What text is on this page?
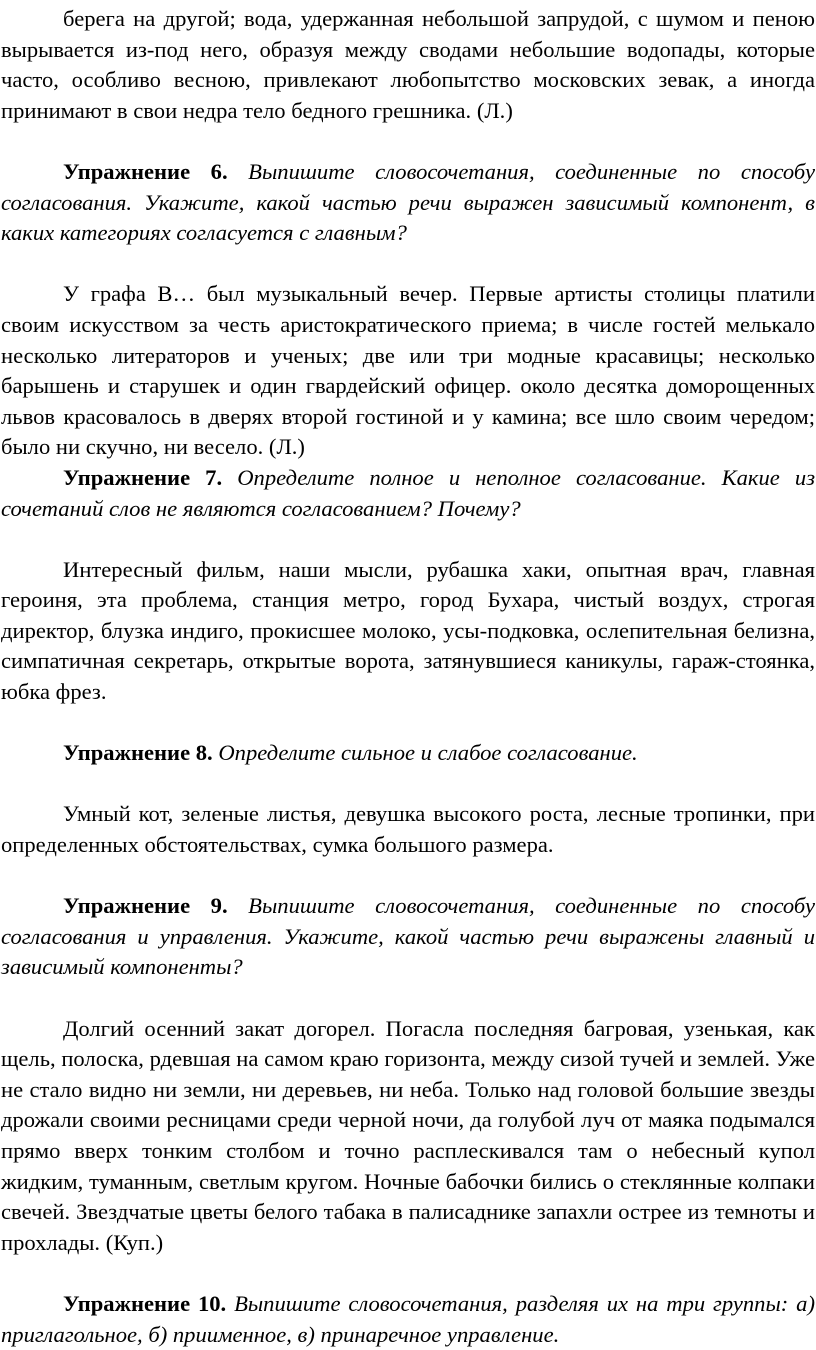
берега на другой; вода, удержанная небольшой запрудой, с шумом и пеною вырывается из-под него, образуя между сводами небольшие водопады, которые часто, особливо весною, привлекают любопытство московских зевак, а иногда принимают в свои недра тело бедного грешника. (Л.)

Упражнение 6. Выпишите словосочетания, соединенные по способу согласования. Укажите, какой частью речи выражен зависимый компонент, в каких категориях согласуется с главным?

У графа В… был музыкальный вечер. Первые артисты столицы платили своим искусством за честь аристократического приема; в числе гостей мелькало несколько литераторов и ученых; две или три модные красавицы; несколько барышень и старушек и один гвардейский офицер. около десятка доморощенных львов красовалось в дверях второй гостиной и у камина; все шло своим чередом; было ни скучно, ни весело. (Л.)

Упражнение 7. Определите полное и неполное согласование. Какие из сочетаний слов не являются согласованием? Почему?

Интересный фильм, наши мысли, рубашка хаки, опытная врач, главная героиня, эта проблема, станция метро, город Бухара, чистый воздух, строгая директор, блузка индиго, прокисшее молоко, усы-подковка, ослепительная белизна, симпатичная секретарь, открытые ворота, затянувшиеся каникулы, гараж-стоянка, юбка фрез.

Упражнение 8. Определите сильное и слабое согласование.

Умный кот, зеленые листья, девушка высокого роста, лесные тропинки, при определенных обстоятельствах, сумка большого размера.

Упражнение 9. Выпишите словосочетания, соединенные по способу согласования и управления. Укажите, какой частью речи выражены главный и зависимый компоненты?

Долгий осенний закат догорел. Погасла последняя багровая, узенькая, как щель, полоска, рдевшая на самом краю горизонта, между сизой тучей и землей. Уже не стало видно ни земли, ни деревьев, ни неба. Только над головой большие звезды дрожали своими ресницами среди черной ночи, да голубой луч от маяка подымался прямо вверх тонким столбом и точно расплескивался там о небесный купол жидким, туманным, светлым кругом. Ночные бабочки бились о стеклянные колпаки свечей. Звездчатые цветы белого табака в палисаднике запахли острее из темноты и прохлады. (Куп.)

Упражнение 10. Выпишите словосочетания, разделяя их на три группы: а) приглагольное, б) приименное, в) принаречное управление.
